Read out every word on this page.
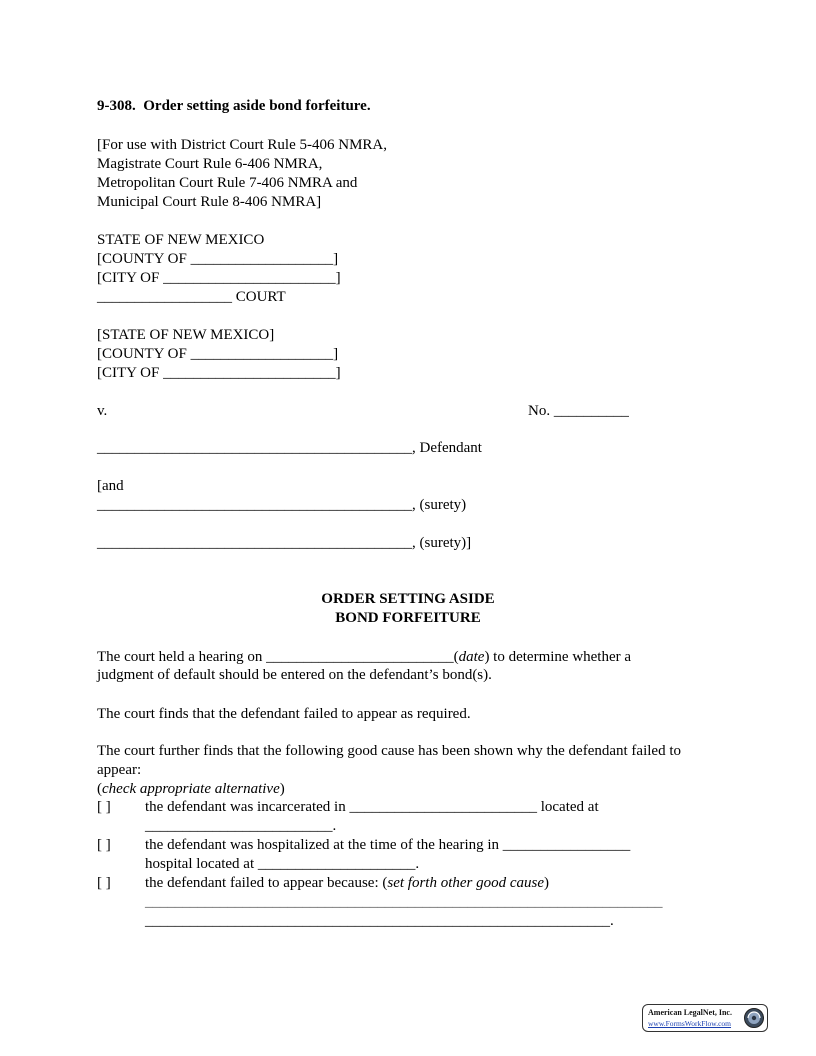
9-308. Order setting aside bond forfeiture.
[For use with District Court Rule 5-406 NMRA,
Magistrate Court Rule 6-406 NMRA,
Metropolitan Court Rule 7-406 NMRA and
Municipal Court Rule 8-406 NMRA]
STATE OF NEW MEXICO
[COUNTY OF ___________________]
[CITY OF _______________________]
__________________ COURT
[STATE OF NEW MEXICO]
[COUNTY OF ___________________]
[CITY OF _______________________]
v.	No. __________
__________________________________________, Defendant
[and
__________________________________________, (surety)
__________________________________________, (surety)]
ORDER SETTING ASIDE
BOND FORFEITURE
The court held a hearing on _________________________(date) to determine whether a
judgment of default should be entered on the defendant’s bond(s).
The court finds that the defendant failed to appear as required.
The court further finds that the following good cause has been shown why the defendant failed to
appear:
(check appropriate alternative)
[ ] the defendant was incarcerated in _________________________ located at
_________________________.
[ ] the defendant was hospitalized at the time of the hearing in _________________
hospital located at _____________________.
[ ] the defendant failed to appear because: (set forth other good cause)
_____________________________________________________________________
______________________________________________________________.
American LegalNet, Inc.
www.FormsWorkFlow.com
